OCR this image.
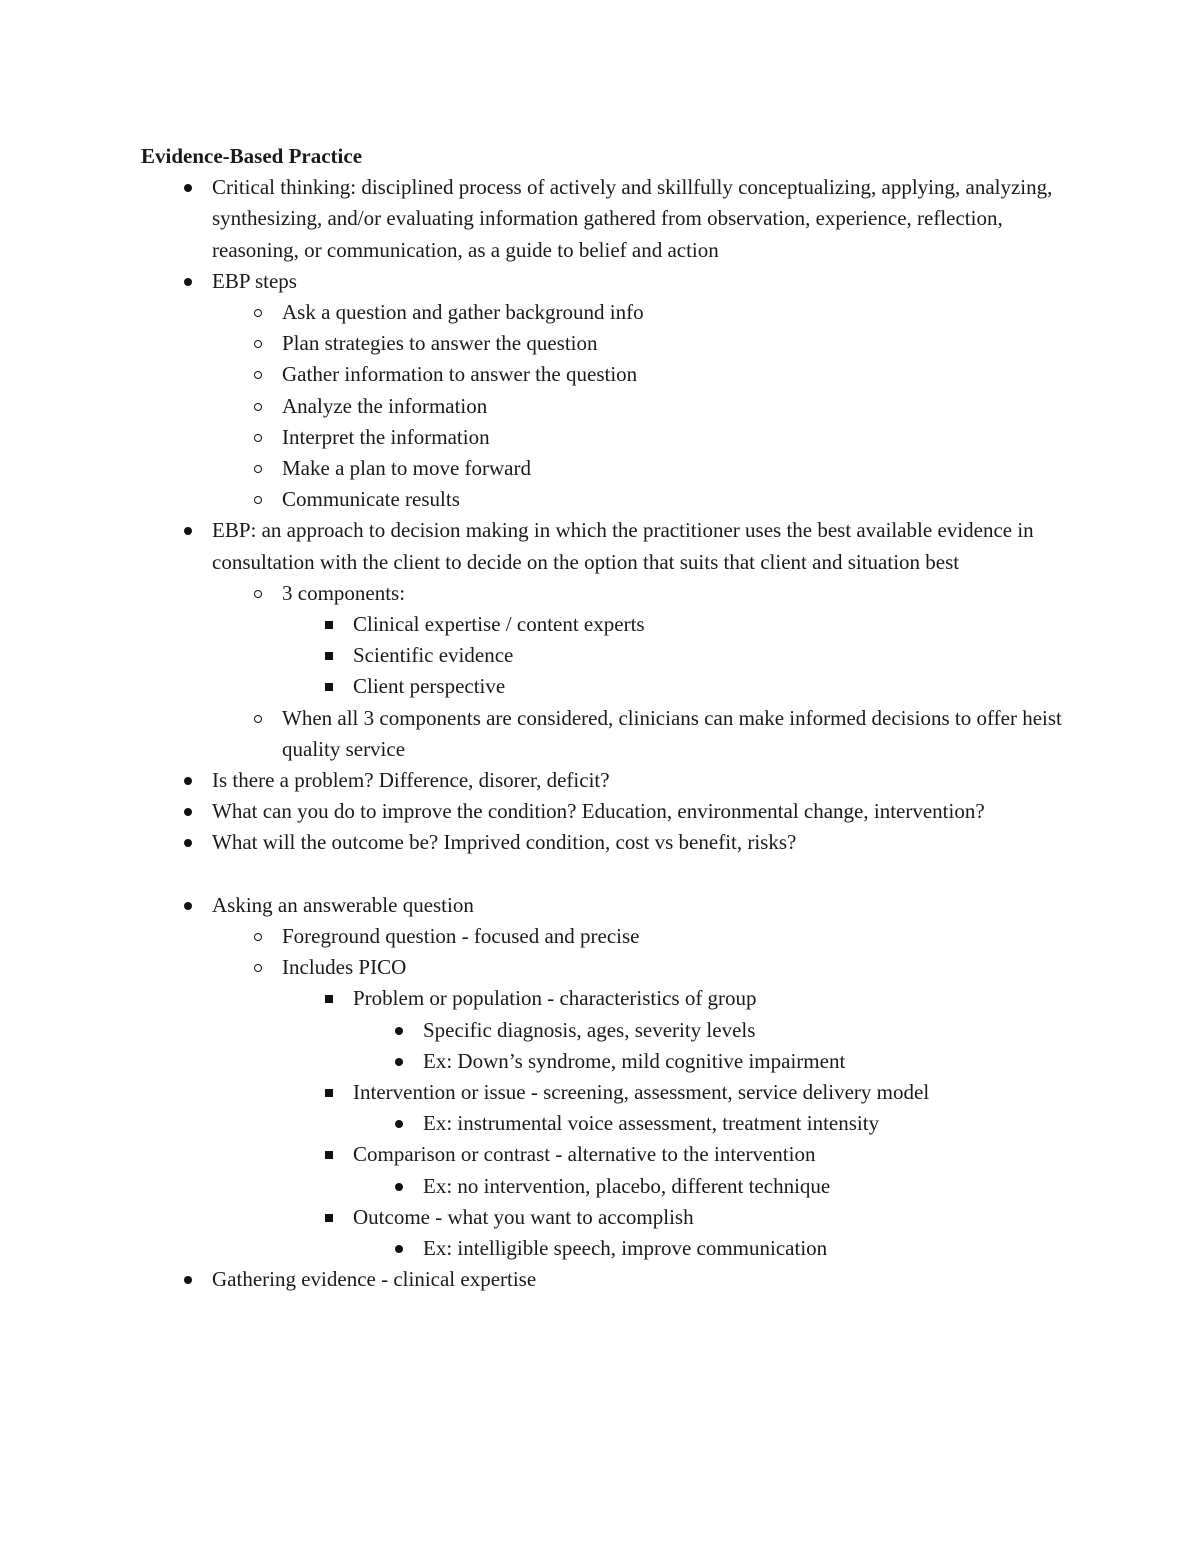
Evidence-Based Practice
Critical thinking: disciplined process of actively and skillfully conceptualizing, applying, analyzing, synthesizing, and/or evaluating information gathered from observation, experience, reflection, reasoning, or communication, as a guide to belief and action
EBP steps
Ask a question and gather background info
Plan strategies to answer the question
Gather information to answer the question
Analyze the information
Interpret the information
Make a plan to move forward
Communicate results
EBP: an approach to decision making in which the practitioner uses the best available evidence in consultation with the client to decide on the option that suits that client and situation best
3 components:
Clinical expertise / content experts
Scientific evidence
Client perspective
When all 3 components are considered, clinicians can make informed decisions to offer heist quality service
Is there a problem? Difference, disorer, deficit?
What can you do to improve the condition? Education, environmental change, intervention?
What will the outcome be? Imprived condition, cost vs benefit, risks?
Asking an answerable question
Foreground question - focused and precise
Includes PICO
Problem or population - characteristics of group
Specific diagnosis, ages, severity levels
Ex: Down’s syndrome, mild cognitive impairment
Intervention or issue - screening, assessment, service delivery model
Ex: instrumental voice assessment, treatment intensity
Comparison or contrast - alternative to the intervention
Ex: no intervention, placebo, different technique
Outcome - what you want to accomplish
Ex: intelligible speech, improve communication
Gathering evidence - clinical expertise
